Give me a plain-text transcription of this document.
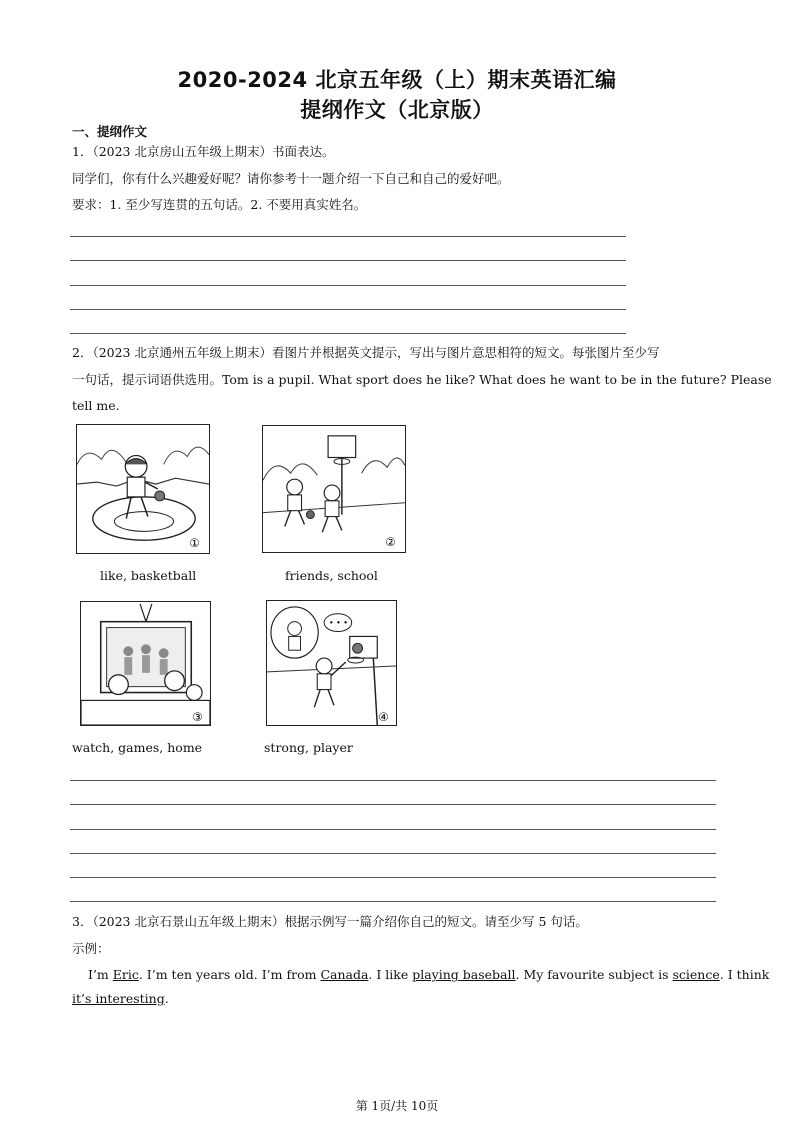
2020-2024 北京五年级（上）期末英语汇编
提纲作文（北京版）
一、提纲作文
1．（2023 北京房山五年级上期末）书面表达。
同学们，你有什么兴趣爱好呢？请你参考十一题介绍一下自己和自己的爱好吧。
要求：1. 至少写连贯的五句话。2. 不要用真实姓名。
2．（2023 北京通州五年级上期末）看图片并根据英文提示，写出与图片意思相符的短文。每张图片至少写
一句话，提示词语供选用。Tom is a pupil. What sport does he like? What does he want to be in the future? Please
tell me.
①
like, basketball
②
friends, school
③
watch, games, home
• • •
④
strong, player
3．（2023 北京石景山五年级上期末）根据示例写一篇介绍你自己的短文。请至少写 5 句话。
示例：
I’m Eric. I’m ten years old. I’m from Canada. I like playing baseball. My favourite subject is science. I think
it’s interesting.
第 1页/共 10页
